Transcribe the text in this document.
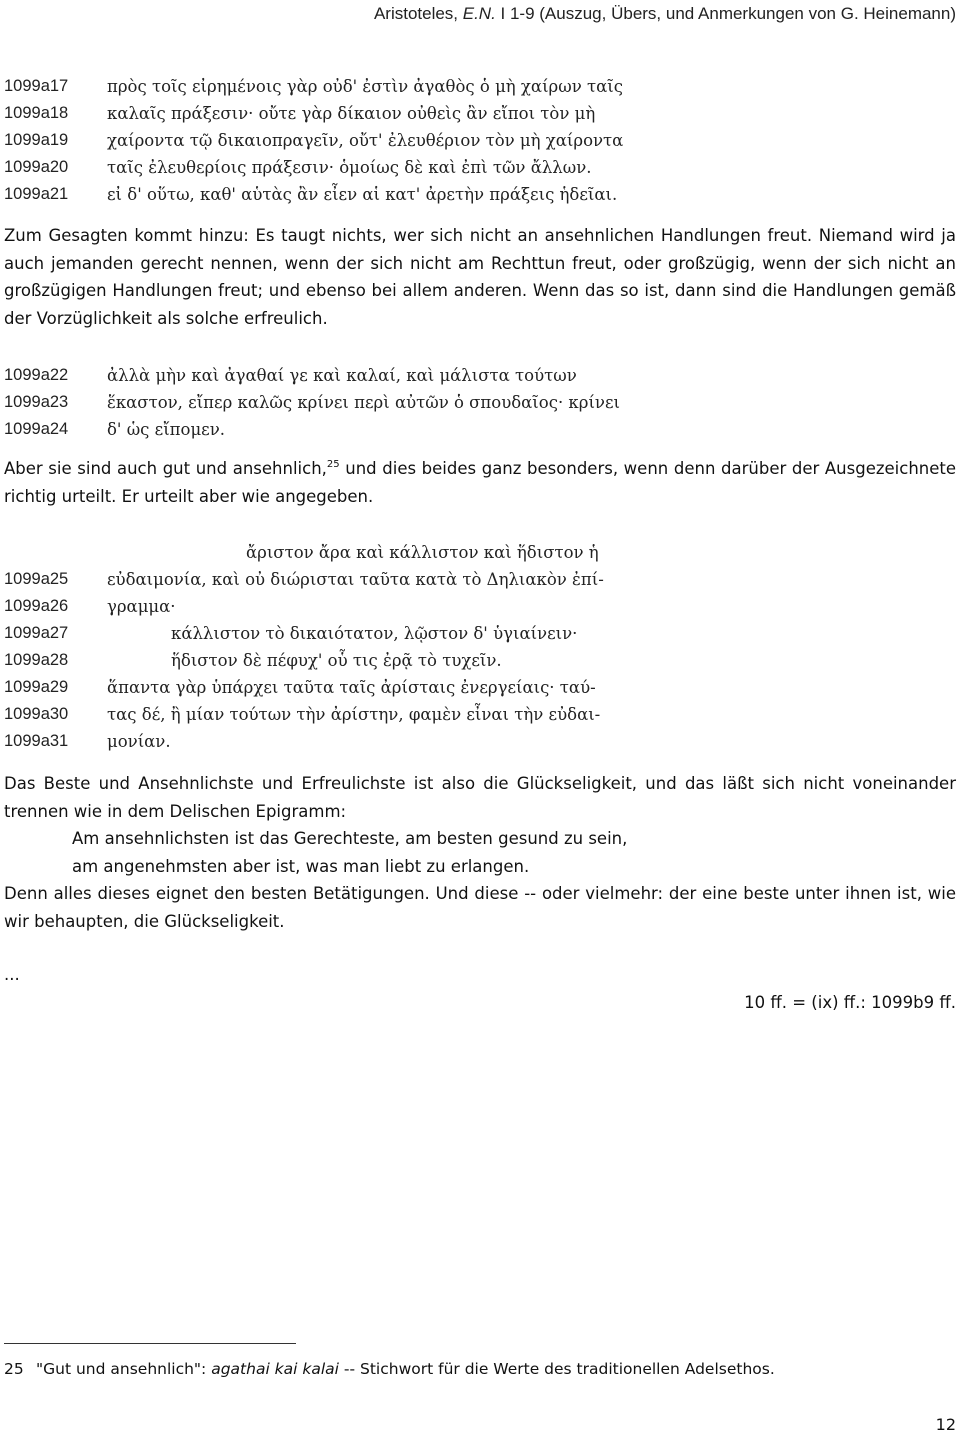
Aristoteles, E.N. I 1-9 (Auszug, Übers, und Anmerkungen von G. Heinemann)
1099a17	πρὸς τοῖς εἰρημένοις γὰρ οὐδ' ἐστὶν ἀγαθὸς ὁ μὴ χαίρων ταῖς
1099a18	καλαῖς πράξεσιν· οὔτε γὰρ δίκαιον οὐθεὶς ἂν εἴποι τὸν μὴ
1099a19	χαίροντα τῷ δικαιοπραγεῖν, οὔτ' ἐλευθέριον τὸν μὴ χαίροντα
1099a20	ταῖς ἐλευθερίοις πράξεσιν· ὁμοίως δὲ καὶ ἐπὶ τῶν ἄλλων.
1099a21	εἰ δ' οὕτω, καθ' αὑτὰς ἂν εἶεν αἱ κατ' ἀρετὴν πράξεις ἡδεῖαι.
Zum Gesagten kommt hinzu: Es taugt nichts, wer sich nicht an ansehnlichen Handlungen freut. Niemand wird ja auch jemanden gerecht nennen, wenn der sich nicht am Rechttun freut, oder großzügig, wenn der sich nicht an großzügigen Handlungen freut; und ebenso bei allem anderen. Wenn das so ist, dann sind die Handlungen gemäß der Vorzüglichkeit als solche erfreulich.
1099a22	ἀλλὰ μὴν καὶ ἀγαθαί γε καὶ καλαί, καὶ μάλιστα τούτων
1099a23	ἕκαστον, εἴπερ καλῶς κρίνει περὶ αὐτῶν ὁ σπουδαῖος· κρίνει
1099a24	δ' ὡς εἴπομεν.
Aber sie sind auch gut und ansehnlich,$^{25}$ und dies beides ganz besonders, wenn denn darüber der Ausgezeichnete richtig urteilt. Er urteilt aber wie angegeben.
ἄριστον ἄρα καὶ κάλλιστον καὶ ἥδιστον ἡ
1099a25	εὐδαιμονία, καὶ οὐ διώρισται ταῦτα κατὰ τὸ Δηλιακὸν ἐπί-
1099a26	γραμμα·
1099a27	κάλλιστον τὸ δικαιότατον, λῷστον δ' ὑγιαίνειν·
1099a28	ἥδιστον δὲ πέφυχ' οὗ τις ἐρᾷ τὸ τυχεῖν.
1099a29	ἅπαντα γὰρ ὑπάρχει ταῦτα ταῖς ἀρίσταις ἐνεργείαις· ταύ-
1099a30	τας δέ, ἢ μίαν τούτων τὴν ἀρίστην, φαμὲν εἶναι τὴν εὐδαι-
1099a31	μονίαν.
Das Beste und Ansehnlichste und Erfreulichste ist also die Glückseligkeit, und das läßt sich nicht voneinander trennen wie in dem Delischen Epigramm:
Am ansehnlichsten ist das Gerechteste, am besten gesund zu sein,
am angenehmsten aber ist, was man liebt zu erlangen.
Denn alles dieses eignet den besten Betätigungen. Und diese -- oder vielmehr: der eine beste unter ihnen ist, wie wir behaupten, die Glückseligkeit.
...
10 ff. = (ix) ff.: 1099b9 ff.
25 "Gut und ansehnlich": agathai kai kalai -- Stichwort für die Werte des traditionellen Adelsethos.
12
